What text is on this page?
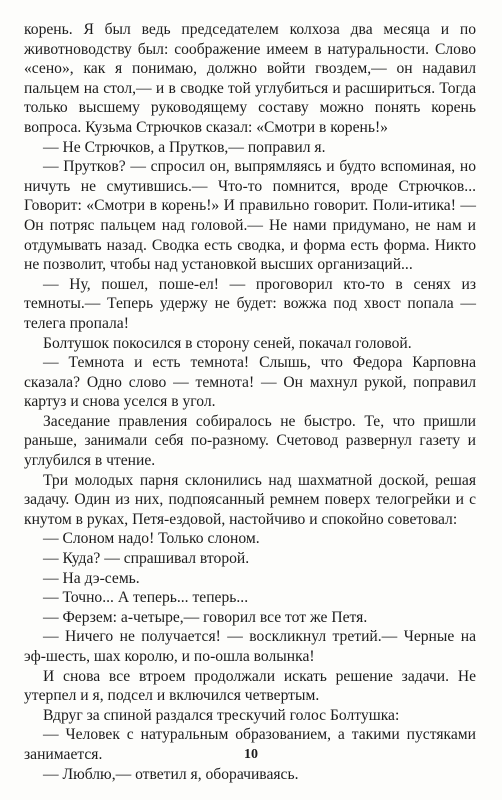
корень. Я был ведь председателем колхоза два месяца и по животноводству был: соображение имеем в натуральности. Слово «сено», как я понимаю, должно войти гвоздем,— он надавил пальцем на стол,— и в сводке той углубиться и расшириться. Тогда только высшему руководящему составу можно понять корень вопроса. Кузьма Стрючков сказал: «Смотри в корень!»

— Не Стрючков, а Прутков,— поправил я.

— Прутков? — спросил он, выпрямляясь и будто вспоминая, но ничуть не смутившись.— Что-то помнится, вроде Стрючков... Говорит: «Смотри в корень!» И правильно говорит. Поли-итика! — Он потряс пальцем над головой.— Не нами придумано, не нам и отдумывать назад. Сводка есть сводка, и форма есть форма. Никто не позволит, чтобы над установкой высших организаций...

— Ну, пошел, поше-ел! — проговорил кто-то в сенях из темноты.— Теперь удержу не будет: вожжа под хвост попала — телега пропала!

Болтушок покосился в сторону сеней, покачал головой.

— Темнота и есть темнота! Слышь, что Федора Карповна сказала? Одно слово — темнота! — Он махнул рукой, поправил картуз и снова уселся в угол.

Заседание правления собиралось не быстро. Те, что пришли раньше, занимали себя по-разному. Счетовод развернул газету и углубился в чтение.

Три молодых парня склонились над шахматной доской, решая задачу. Один из них, подпоясанный ремнем поверх телогрейки и с кнутом в руках, Петя-ездовой, настойчиво и спокойно советовал:

— Слоном надо! Только слоном.

— Куда? — спрашивал второй.

— На дэ-семь.

— Точно... А теперь... теперь...

— Ферзем: а-четыре,— говорил все тот же Петя.

— Ничего не получается! — воскликнул третий.— Черные на эф-шесть, шах королю, и по-ошла волынка!

И снова все втроем продолжали искать решение задачи. Не утерпел и я, подсел и включился четвертым.

Вдруг за спиной раздался трескучий голос Болтушка:

— Человек с натуральным образованием, а такими пустяками занимается.

— Люблю,— ответил я, оборачиваясь.

10
